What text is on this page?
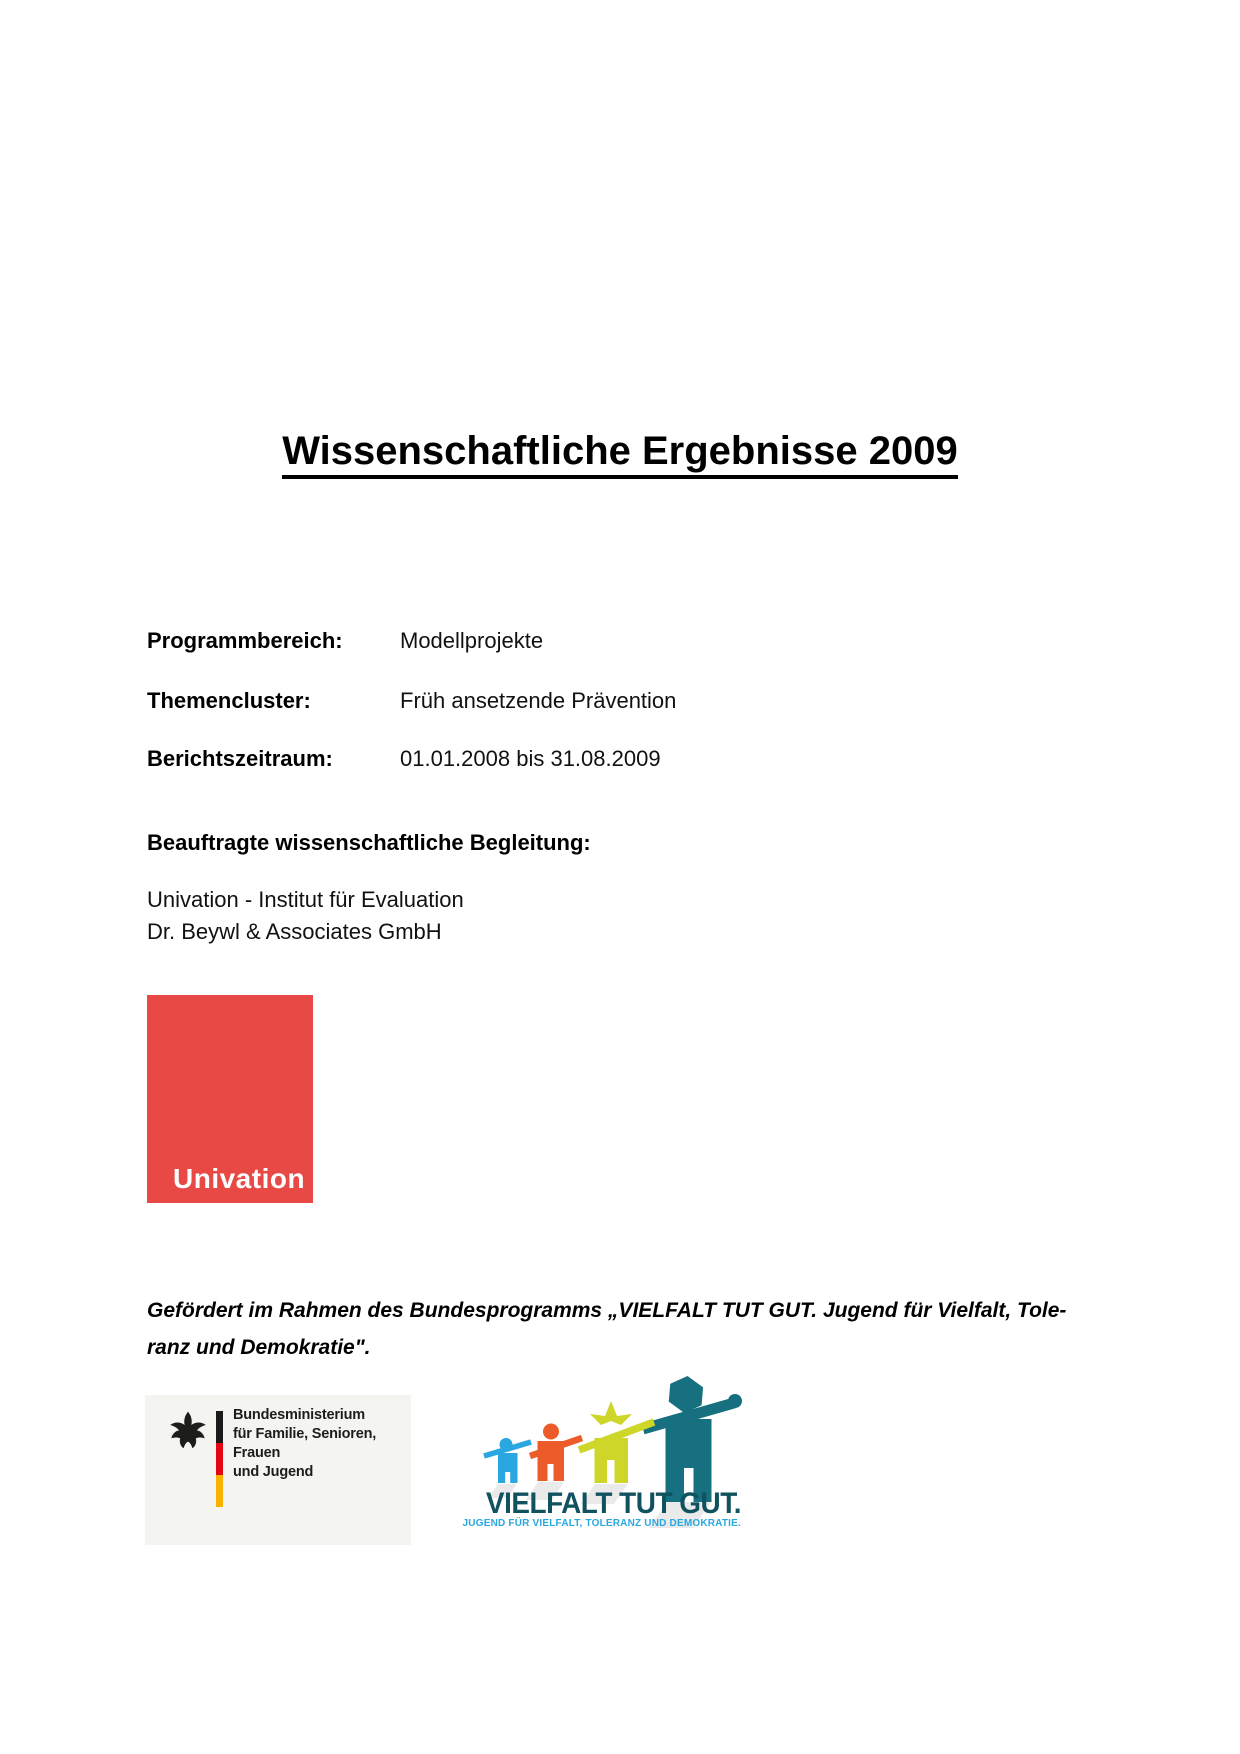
Wissenschaftliche Ergebnisse 2009
Programmbereich:	Modellprojekte
Themencluster:	Früh ansetzende Prävention
Berichtszeitraum:	01.01.2008 bis 31.08.2009
Beauftragte wissenschaftliche Begleitung:
Univation - Institut für Evaluation
Dr. Beywl & Associates GmbH
Univation
Gefördert im Rahmen des Bundesprogramms „VIELFALT TUT GUT. Jugend für Vielfalt, Tole-
ranz und Demokratie".
Bundesministerium
für Familie, Senioren, Frauen
und Jugend
VIELFALT TUT GUT.
JUGEND FÜR VIELFALT, TOLERANZ UND DEMOKRATIE.
